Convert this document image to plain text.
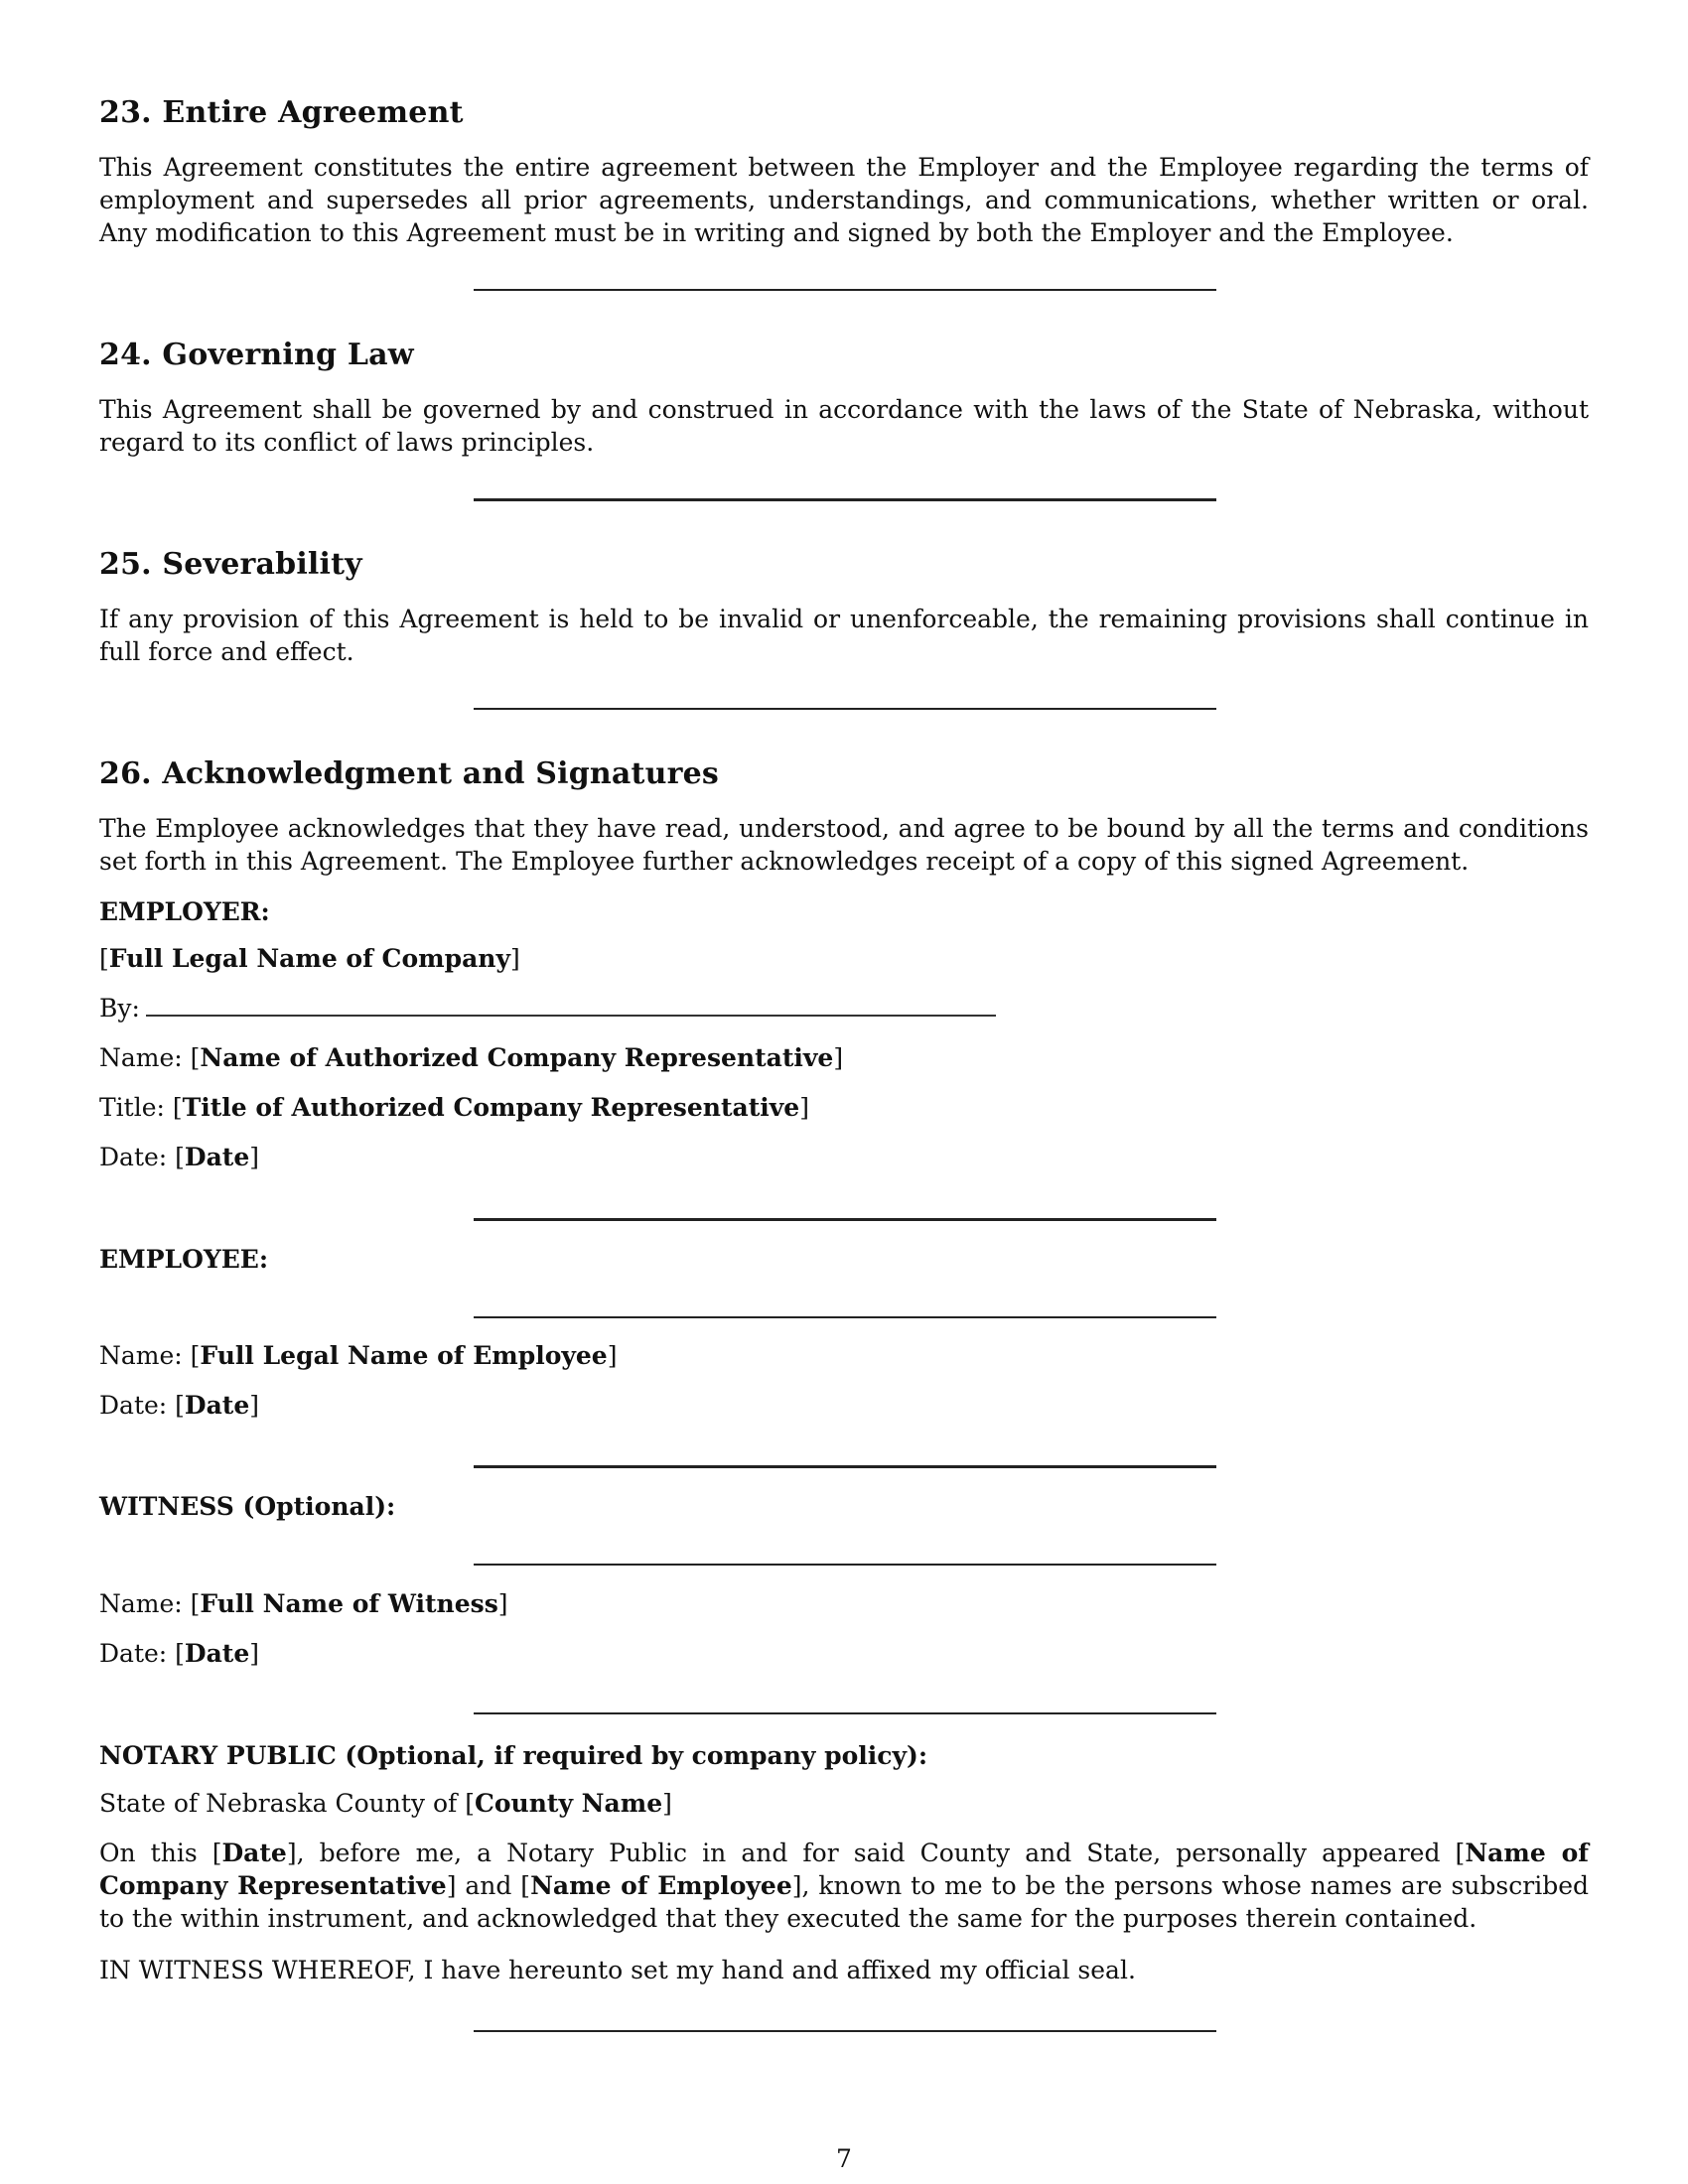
23. Entire Agreement

This Agreement constitutes the entire agreement between the Employer and the Employee regarding the terms of employment and supersedes all prior agreements, understandings, and communications, whether written or oral. Any modification to this Agreement must be in writing and signed by both the Employer and the Employee.

24. Governing Law

This Agreement shall be governed by and construed in accordance with the laws of the State of Nebraska, without regard to its conflict of laws principles.

25. Severability

If any provision of this Agreement is held to be invalid or unenforceable, the remaining provisions shall continue in full force and effect.

26. Acknowledgment and Signatures

The Employee acknowledges that they have read, understood, and agree to be bound by all the terms and conditions set forth in this Agreement. The Employee further acknowledges receipt of a copy of this signed Agreement.

EMPLOYER:

[Full Legal Name of Company]

By:

Name: [Name of Authorized Company Representative]

Title: [Title of Authorized Company Representative]

Date: [Date]

EMPLOYEE:

Name: [Full Legal Name of Employee]

Date: [Date]

WITNESS (Optional):

Name: [Full Name of Witness]

Date: [Date]

NOTARY PUBLIC (Optional, if required by company policy):

State of Nebraska County of [County Name]

On this [Date], before me, a Notary Public in and for said County and State, personally appeared [Name of Company Representative] and [Name of Employee], known to me to be the persons whose names are subscribed to the within instrument, and acknowledged that they executed the same for the purposes therein contained.

IN WITNESS WHEREOF, I have hereunto set my hand and affixed my official seal.

7
